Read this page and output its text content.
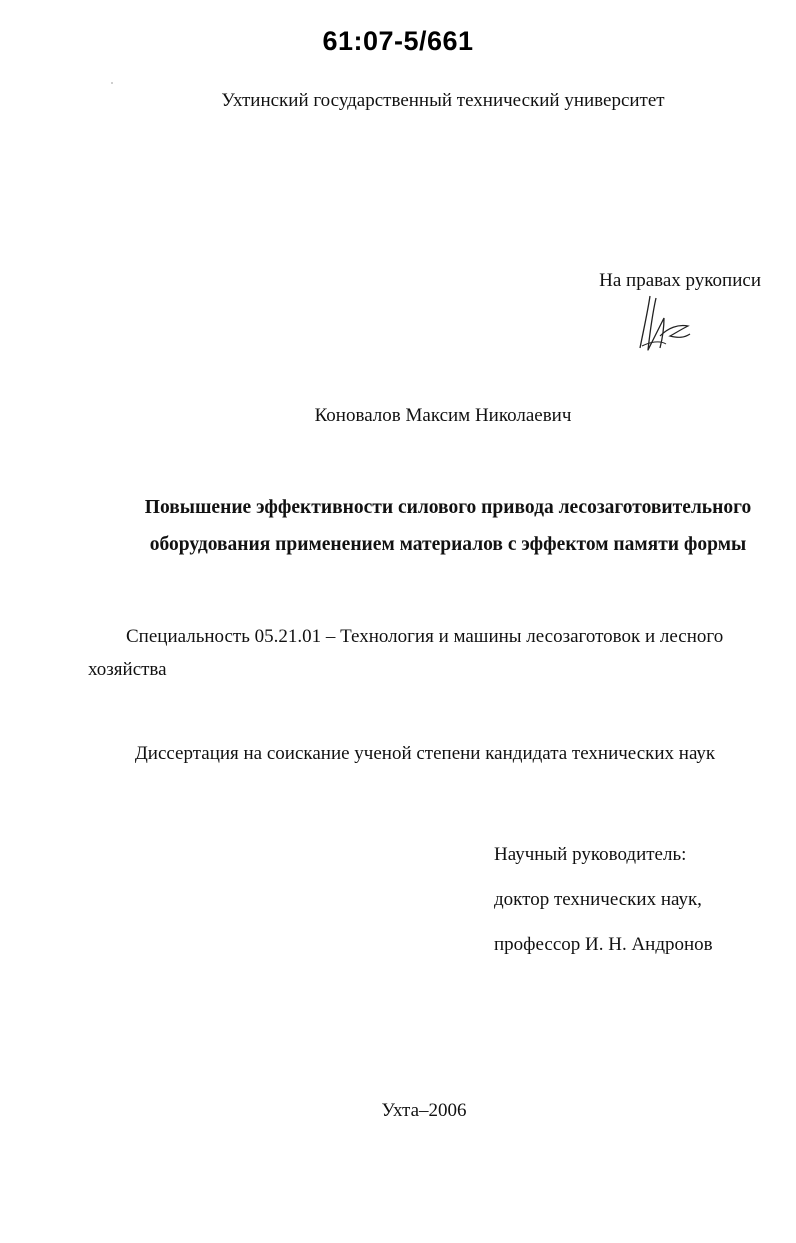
61:07-5/661
Ухтинский государственный технический университет
На правах рукописи
Коновалов Максим Николаевич
Повышение эффективности силового привода лесозаготовительного
оборудования применением материалов с эффектом памяти формы
Специальность 05.21.01 – Технология и машины лесозаготовок и лесного хозяйства
Диссертация на соискание ученой степени кандидата технических наук
Научный руководитель:
доктор технических наук,
профессор И. Н. Андронов
Ухта–2006
